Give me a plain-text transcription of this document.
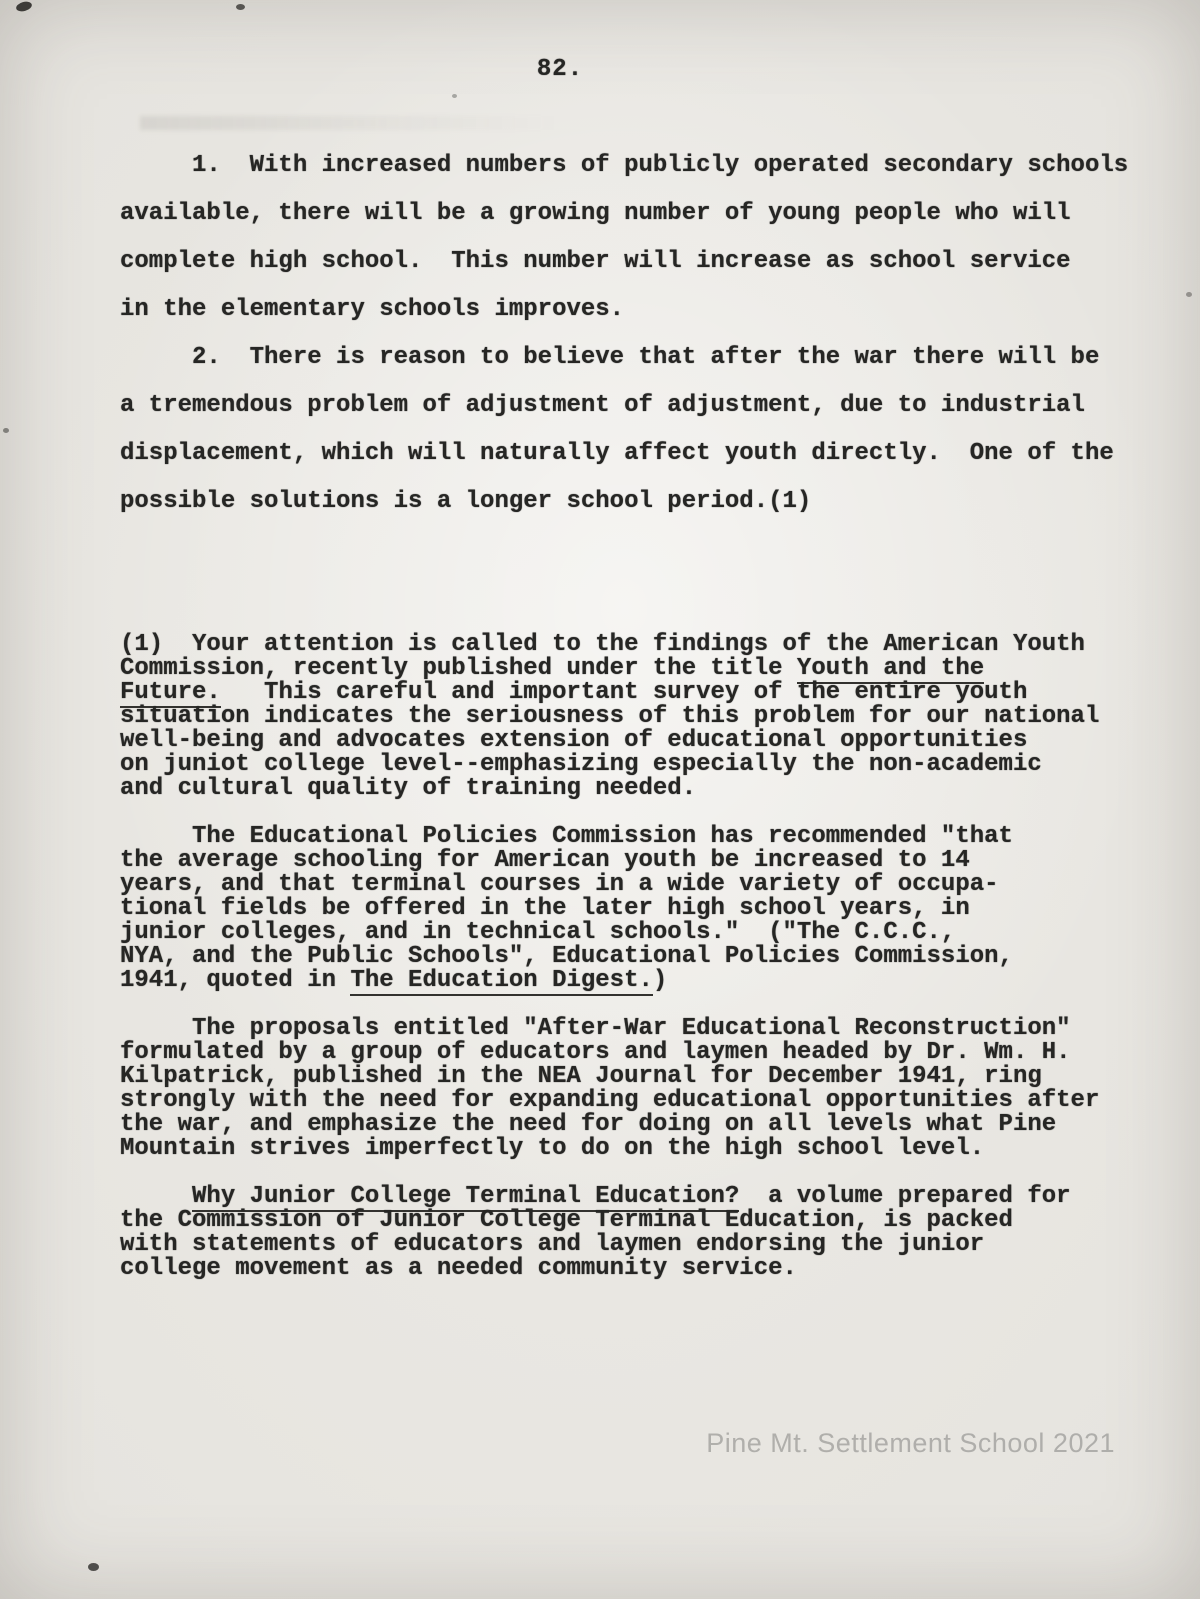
82.
1.  With increased numbers of publicly operated secondary schools
available, there will be a growing number of young people who will
complete high school.  This number will increase as school service
in the elementary schools improves.
2.  There is reason to believe that after the war there will be
a tremendous problem of adjustment of adjustment, due to industrial
displacement, which will naturally affect youth directly.  One of the
possible solutions is a longer school period.(1)
(1)  Your attention is called to the findings of the American Youth
Commission, recently published under the title Youth and the
Future.   This careful and important survey of the entire youth
situation indicates the seriousness of this problem for our national
well-being and advocates extension of educational opportunities
on juniot college level--emphasizing especially the non-academic
and cultural quality of training needed.
The Educational Policies Commission has recommended "that
the average schooling for American youth be increased to 14
years, and that terminal courses in a wide variety of occupa-
tional fields be offered in the later high school years, in
junior colleges, and in technical schools."  ("The C.C.C.,
NYA, and the Public Schools", Educational Policies Commission,
1941, quoted in The Education Digest.)
The proposals entitled "After-War Educational Reconstruction"
formulated by a group of educators and laymen headed by Dr. Wm. H.
Kilpatrick, published in the NEA Journal for December 1941, ring
strongly with the need for expanding educational opportunities after
the war, and emphasize the need for doing on all levels what Pine
Mountain strives imperfectly to do on the high school level.
Why Junior College Terminal Education?  a volume prepared for
the Commission of Junior College Terminal Education, is packed
with statements of educators and laymen endorsing the junior
college movement as a needed community service.
Pine Mt. Settlement School 2021
